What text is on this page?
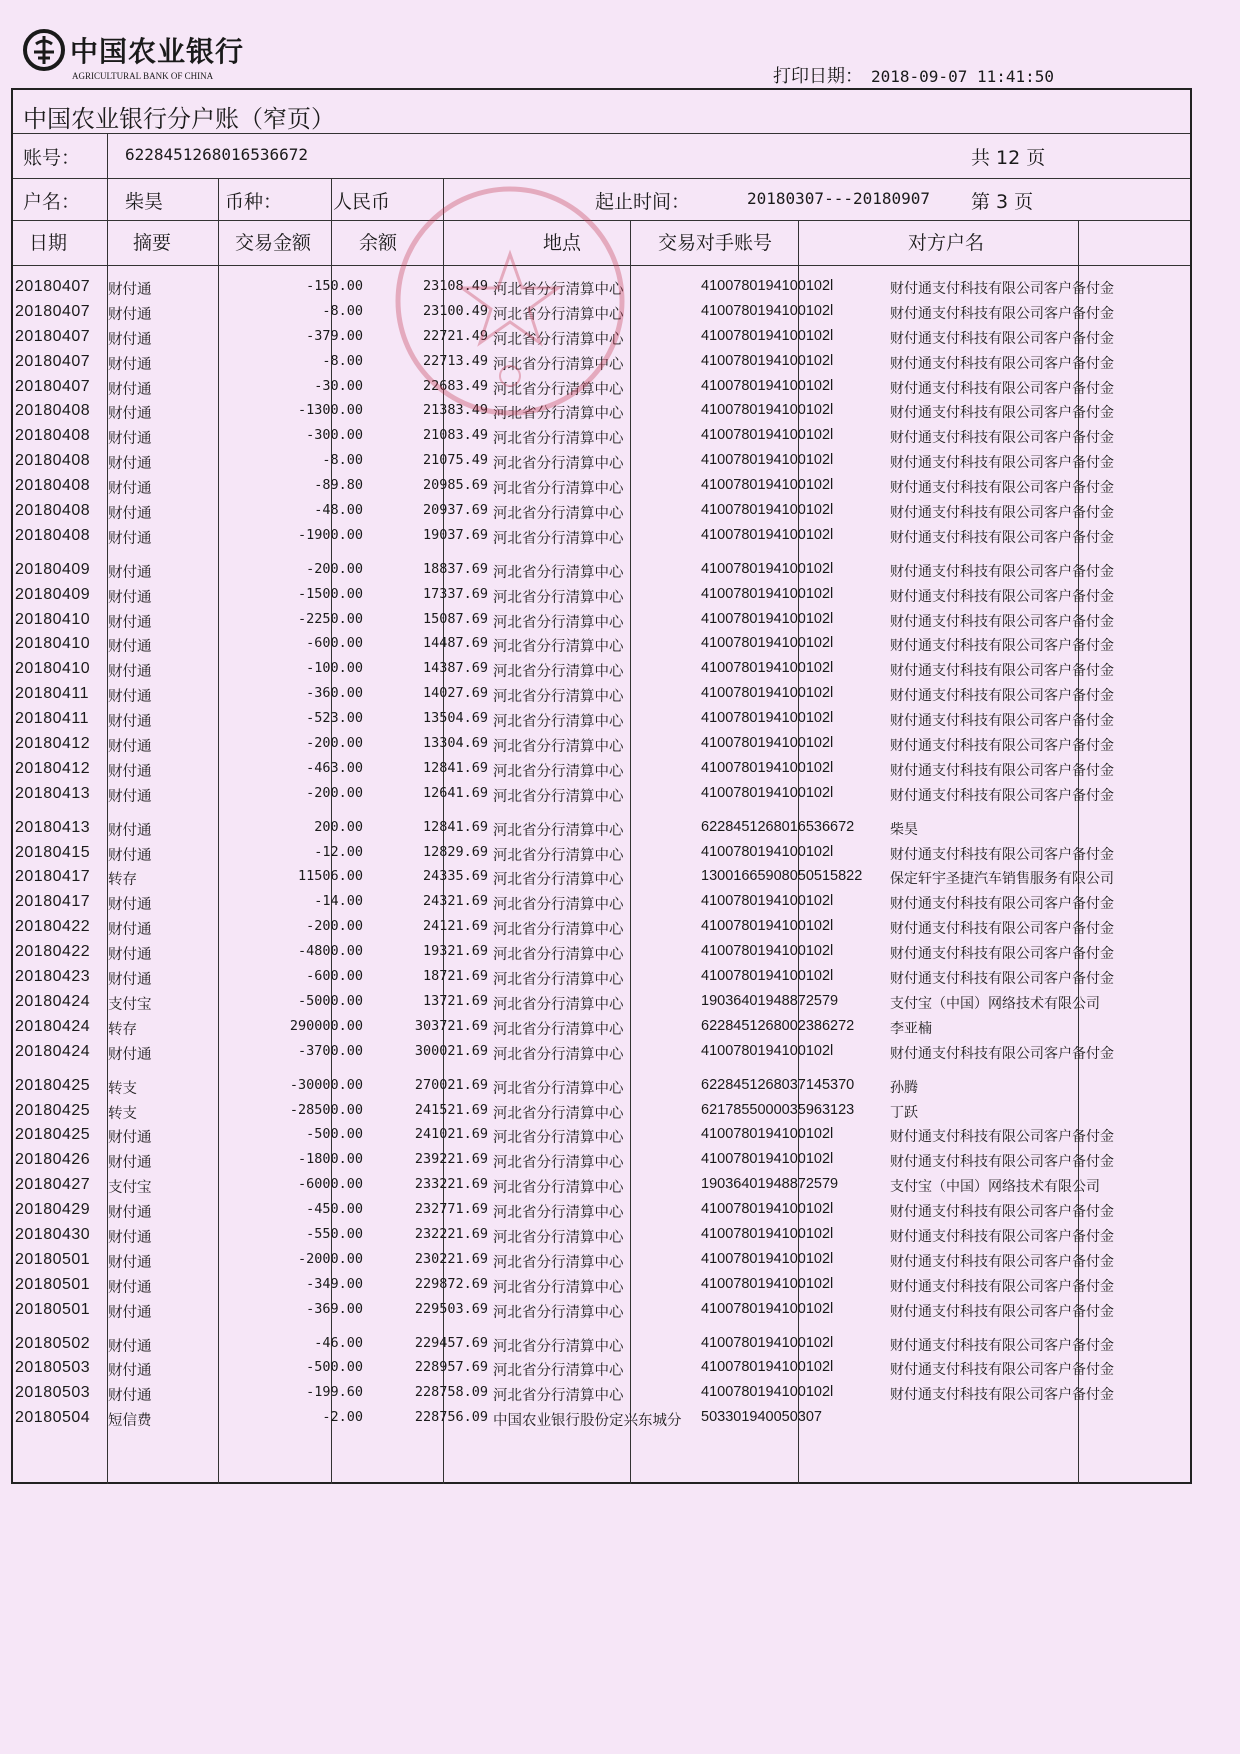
中国农业银行
AGRICULTURAL BANK OF CHINA	打印日期： 2018-09-07 11:41:50
中国农业银行分户账（窄页）
账号：	6228451268016536672	共 12 页
户名： 柴昊	币种：	人民币	起止时间：	20180307---20180907 第 3 页
日期	摘要	交易金额	余额	地点	交易对手账号	对方户名
20180407 财付通	-150.00	23108.49 河北省分行清算中心	4100780194100102l	财付通支付科技有限公司客户备付金
20180407 财付通	-8.00	23100.49 河北省分行清算中心	4100780194100102l	财付通支付科技有限公司客户备付金
20180407 财付通	-379.00	22721.49 河北省分行清算中心	4100780194100102l	财付通支付科技有限公司客户备付金
20180407 财付通	-8.00	22713.49 河北省分行清算中心	4100780194100102l	财付通支付科技有限公司客户备付金
20180407 财付通	-30.00	22683.49 河北省分行清算中心	4100780194100102l	财付通支付科技有限公司客户备付金
20180408 财付通	-1300.00	21383.49 河北省分行清算中心	4100780194100102l	财付通支付科技有限公司客户备付金
20180408 财付通	-300.00	21083.49 河北省分行清算中心	4100780194100102l	财付通支付科技有限公司客户备付金
20180408 财付通	-8.00	21075.49 河北省分行清算中心	4100780194100102l	财付通支付科技有限公司客户备付金
20180408 财付通	-89.80	20985.69 河北省分行清算中心	4100780194100102l	财付通支付科技有限公司客户备付金
20180408 财付通	-48.00	20937.69 河北省分行清算中心	4100780194100102l	财付通支付科技有限公司客户备付金
20180408 财付通	-1900.00	19037.69 河北省分行清算中心	4100780194100102l	财付通支付科技有限公司客户备付金
20180409 财付通	-200.00	18837.69 河北省分行清算中心	4100780194100102l	财付通支付科技有限公司客户备付金
20180409 财付通	-1500.00	17337.69 河北省分行清算中心	4100780194100102l	财付通支付科技有限公司客户备付金
20180410 财付通	-2250.00	15087.69 河北省分行清算中心	4100780194100102l	财付通支付科技有限公司客户备付金
20180410 财付通	-600.00	14487.69 河北省分行清算中心	4100780194100102l	财付通支付科技有限公司客户备付金
20180410 财付通	-100.00	14387.69 河北省分行清算中心	4100780194100102l	财付通支付科技有限公司客户备付金
20180411 财付通	-360.00	14027.69 河北省分行清算中心	4100780194100102l	财付通支付科技有限公司客户备付金
20180411 财付通	-523.00	13504.69 河北省分行清算中心	4100780194100102l	财付通支付科技有限公司客户备付金
20180412 财付通	-200.00	13304.69 河北省分行清算中心	4100780194100102l	财付通支付科技有限公司客户备付金
20180412 财付通	-463.00	12841.69 河北省分行清算中心	4100780194100102l	财付通支付科技有限公司客户备付金
20180413 财付通	-200.00	12641.69 河北省分行清算中心	4100780194100102l	财付通支付科技有限公司客户备付金
20180413 财付通	200.00	12841.69 河北省分行清算中心	6228451268016536672	柴昊
20180415 财付通	-12.00	12829.69 河北省分行清算中心	4100780194100102l	财付通支付科技有限公司客户备付金
20180417 转存	11506.00	24335.69 河北省分行清算中心	13001665908050515822 保定轩宇圣捷汽车销售服务有限公司
20180417 财付通	-14.00	24321.69 河北省分行清算中心	4100780194100102l	财付通支付科技有限公司客户备付金
20180422 财付通	-200.00	24121.69 河北省分行清算中心	4100780194100102l	财付通支付科技有限公司客户备付金
20180422 财付通	-4800.00	19321.69 河北省分行清算中心	4100780194100102l	财付通支付科技有限公司客户备付金
20180423 财付通	-600.00	18721.69 河北省分行清算中心	4100780194100102l	财付通支付科技有限公司客户备付金
20180424 支付宝	-5000.00	13721.69 河北省分行清算中心	1903640194887257​9	支付宝（中国）网络技术有限公司
20180424 转存	290000.00	303721.69 河北省分行清算中心	6228451268002386272	李亚楠
20180424 财付通	-3700.00	300021.69 河北省分行清算中心	4100780194100102l	财付通支付科技有限公司客户备付金
20180425 转支	-30000.00	270021.69 河北省分行清算中心	6228451268037145370	孙腾
20180425 转支	-28500.00	241521.69 河北省分行清算中心	6217855000035963123	丁跃
20180425 财付通	-500.00	241021.69 河北省分行清算中心	4100780194100102l	财付通支付科技有限公司客户备付金
20180426 财付通	-1800.00	239221.69 河北省分行清算中心	4100780194100102l	财付通支付科技有限公司客户备付金
20180427 支付宝	-6000.00	233221.69 河北省分行清算中心	1903640194887257​9	支付宝（中国）网络技术有限公司
20180429 财付通	-450.00	232771.69 河北省分行清算中心	4100780194100102l	财付通支付科技有限公司客户备付金
20180430 财付通	-550.00	232221.69 河北省分行清算中心	4100780194100102l	财付通支付科技有限公司客户备付金
20180501 财付通	-2000.00	230221.69 河北省分行清算中心	4100780194100102l	财付通支付科技有限公司客户备付金
20180501 财付通	-349.00	229872.69 河北省分行清算中心	4100780194100102l	财付通支付科技有限公司客户备付金
20180501 财付通	-369.00	229503.69 河北省分行清算中心	4100780194100102l	财付通支付科技有限公司客户备付金
20180502 财付通	-46.00	229457.69 河北省分行清算中心	4100780194100102l	财付通支付科技有限公司客户备付金
20180503 财付通	-500.00	228957.69 河北省分行清算中心	4100780194100102l	财付通支付科技有限公司客户备付金
20180503 财付通	-199.60	228758.09 河北省分行清算中心	4100780194100102l	财付通支付科技有限公司客户备付金
20180504 短信费	-2.00	228756.09 中国农业银行股份定兴东城分 503301940050307
